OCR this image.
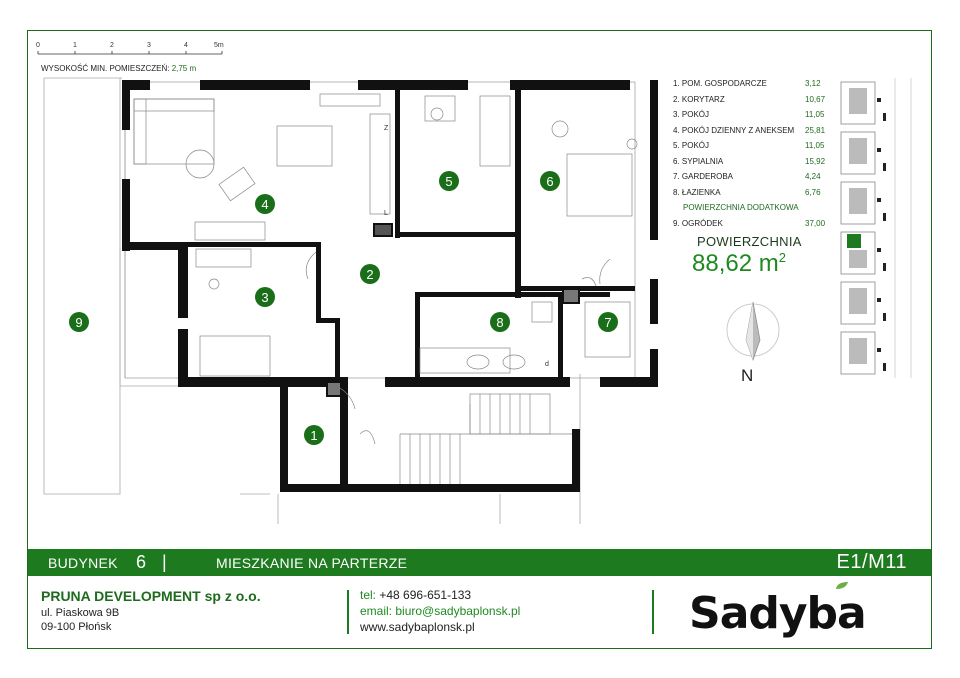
0	1	2	3	4	5m
WYSOKOŚĆ MIN. POMIESZCZEŃ: 2,75 m
Z
L
d
1
2
3
4
5	6
7
8
9
1. POM. GOSPODARCZE	3,12
2. KORYTARZ	10,67
3. POKÓJ	11,05
4. POKÓJ DZIENNY Z ANEKSEM 25,81
5. POKÓJ	11,05
6. SYPIALNIA	15,92
7. GARDEROBA	4,24
8. ŁAZIENKA	6,76
POWIERZCHNIA DODATKOWA
9. OGRÓDEK	37,00
POWIERZCHNIA
88,62 $m^2$
N
BUDYNEK 6 |	MIESZKANIE NA PARTERZE	E1/M11
PRUNA DEVELOPMENT sp z o.o.
ul. Piaskowa 9B
09-100 Płońsk
tel: +48 696-651-133
email: biuro@sadybaplonsk.pl
www.sadybaplonsk.pl	Sadyba
